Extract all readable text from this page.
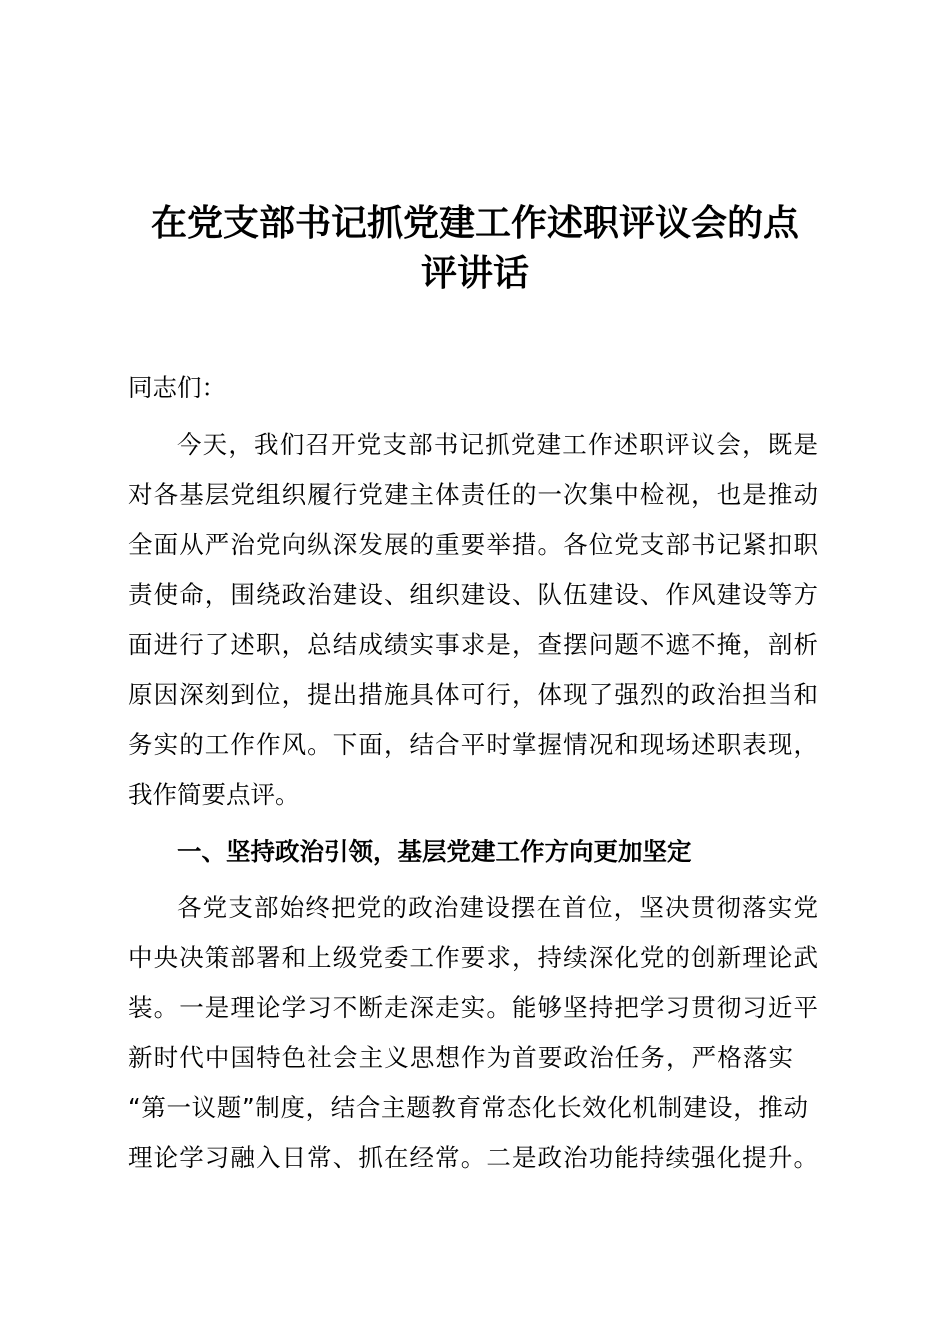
在党支部书记抓党建工作述职评议会的点
评讲话
同志们：
今天，我们召开党支部书记抓党建工作述职评议会，既是
对各基层党组织履行党建主体责任的一次集中检视，也是推动
全面从严治党向纵深发展的重要举措。各位党支部书记紧扣职
责使命，围绕政治建设、组织建设、队伍建设、作风建设等方
面进行了述职，总结成绩实事求是，查摆问题不遮不掩，剖析
原因深刻到位，提出措施具体可行，体现了强烈的政治担当和
务实的工作作风。下面，结合平时掌握情况和现场述职表现，
我作简要点评。
一、坚持政治引领，基层党建工作方向更加坚定
各党支部始终把党的政治建设摆在首位，坚决贯彻落实党
中央决策部署和上级党委工作要求，持续深化党的创新理论武
装。一是理论学习不断走深走实。能够坚持把学习贯彻习近平
新时代中国特色社会主义思想作为首要政治任务，严格落实
“第一议题”制度，结合主题教育常态化长效化机制建设，推动
理论学习融入日常、抓在经常。二是政治功能持续强化提升。
